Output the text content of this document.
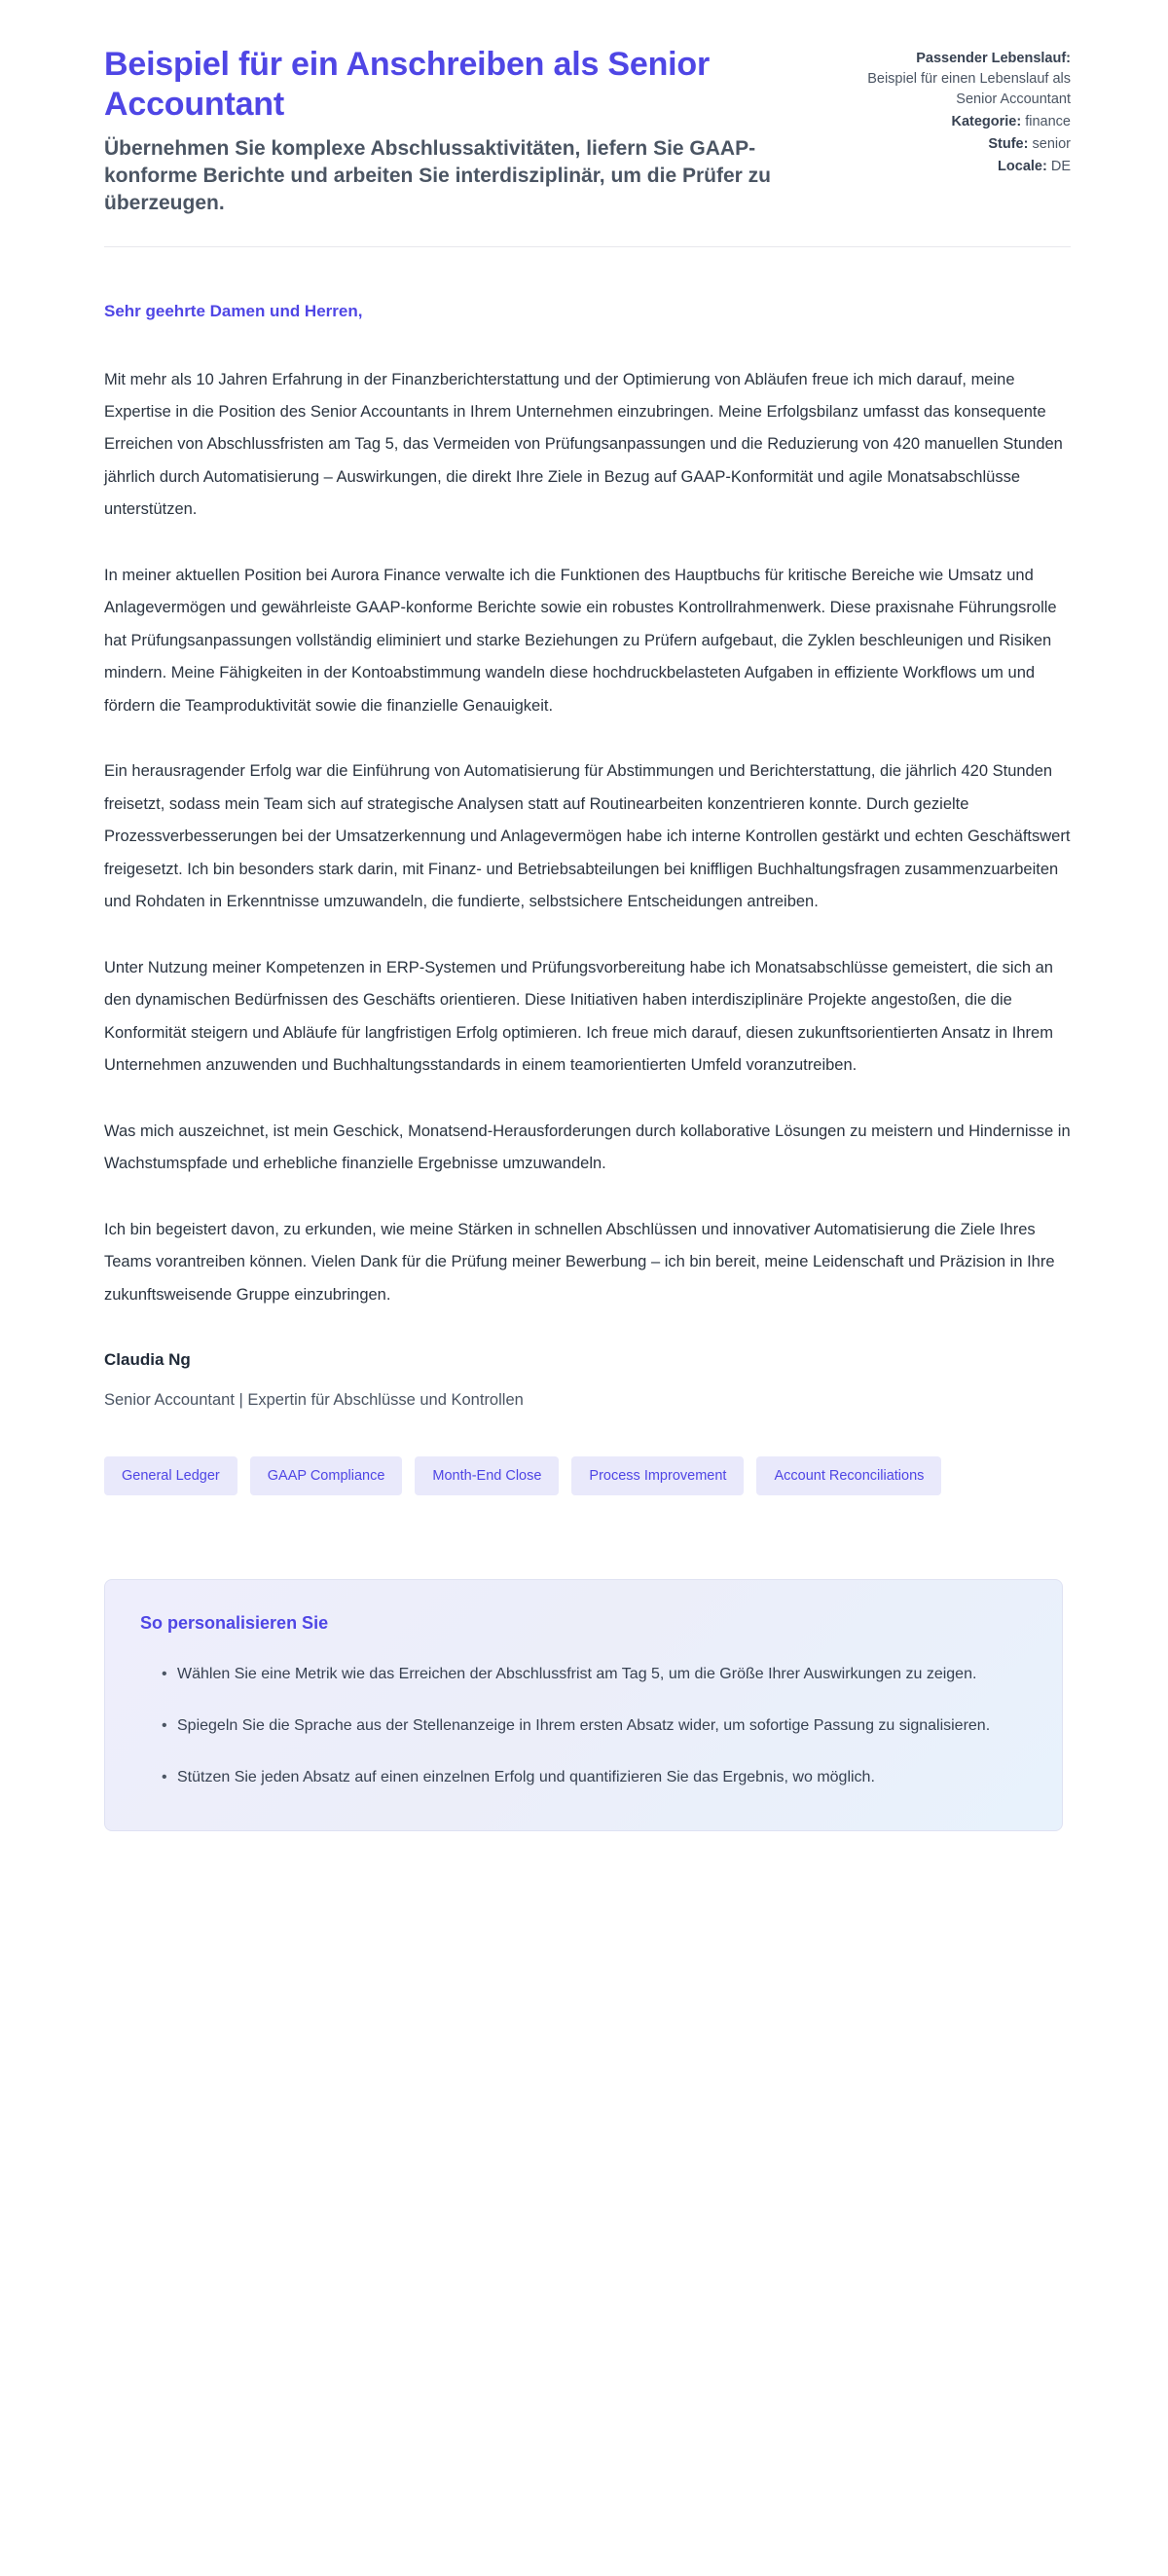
Beispiel für ein Anschreiben als Senior Accountant

Übernehmen Sie komplexe Abschlussaktivitäten, liefern Sie GAAP-konforme Berichte und arbeiten Sie interdisziplinär, um die Prüfer zu überzeugen.

Passender Lebenslauf:
Beispiel für einen Lebenslauf als Senior Accountant
Kategorie: finance
Stufe: senior
Locale: DE

Sehr geehrte Damen und Herren,

Mit mehr als 10 Jahren Erfahrung in der Finanzberichterstattung und der Optimierung von Abläufen freue ich mich darauf, meine Expertise in die Position des Senior Accountants in Ihrem Unternehmen einzubringen. Meine Erfolgsbilanz umfasst das konsequente Erreichen von Abschlussfristen am Tag 5, das Vermeiden von Prüfungsanpassungen und die Reduzierung von 420 manuellen Stunden jährlich durch Automatisierung – Auswirkungen, die direkt Ihre Ziele in Bezug auf GAAP-Konformität und agile Monatsabschlüsse unterstützen.

In meiner aktuellen Position bei Aurora Finance verwalte ich die Funktionen des Hauptbuchs für kritische Bereiche wie Umsatz und Anlagevermögen und gewährleiste GAAP-konforme Berichte sowie ein robustes Kontrollrahmenwerk. Diese praxisnahe Führungsrolle hat Prüfungsanpassungen vollständig eliminiert und starke Beziehungen zu Prüfern aufgebaut, die Zyklen beschleunigen und Risiken mindern. Meine Fähigkeiten in der Kontoabstimmung wandeln diese hochdruckbelasteten Aufgaben in effiziente Workflows um und fördern die Teamproduktivität sowie die finanzielle Genauigkeit.

Ein herausragender Erfolg war die Einführung von Automatisierung für Abstimmungen und Berichterstattung, die jährlich 420 Stunden freisetzt, sodass mein Team sich auf strategische Analysen statt auf Routinearbeiten konzentrieren konnte. Durch gezielte Prozessverbesserungen bei der Umsatzerkennung und Anlagevermögen habe ich interne Kontrollen gestärkt und echten Geschäftswert freigesetzt. Ich bin besonders stark darin, mit Finanz- und Betriebsabteilungen bei kniffligen Buchhaltungsfragen zusammenzuarbeiten und Rohdaten in Erkenntnisse umzuwandeln, die fundierte, selbstsichere Entscheidungen antreiben.

Unter Nutzung meiner Kompetenzen in ERP-Systemen und Prüfungsvorbereitung habe ich Monatsabschlüsse gemeistert, die sich an den dynamischen Bedürfnissen des Geschäfts orientieren. Diese Initiativen haben interdisziplinäre Projekte angestoßen, die die Konformität steigern und Abläufe für langfristigen Erfolg optimieren. Ich freue mich darauf, diesen zukunftsorientierten Ansatz in Ihrem Unternehmen anzuwenden und Buchhaltungsstandards in einem teamorientierten Umfeld voranzutreiben.

Was mich auszeichnet, ist mein Geschick, Monatsend-Herausforderungen durch kollaborative Lösungen zu meistern und Hindernisse in Wachstumspfade und erhebliche finanzielle Ergebnisse umzuwandeln.

Ich bin begeistert davon, zu erkunden, wie meine Stärken in schnellen Abschlüssen und innovativer Automatisierung die Ziele Ihres Teams vorantreiben können. Vielen Dank für die Prüfung meiner Bewerbung – ich bin bereit, meine Leidenschaft und Präzision in Ihre zukunftsweisende Gruppe einzubringen.

Claudia Ng

Senior Accountant | Expertin für Abschlüsse und Kontrollen

General Ledger	GAAP Compliance	Month-End Close	Process Improvement	Account Reconciliations
So personalisieren Sie
• Wählen Sie eine Metrik wie das Erreichen der Abschlussfrist am Tag 5, um die Größe Ihrer Auswirkungen zu zeigen.
• Spiegeln Sie die Sprache aus der Stellenanzeige in Ihrem ersten Absatz wider, um sofortige Passung zu signalisieren.
• Stützen Sie jeden Absatz auf einen einzelnen Erfolg und quantifizieren Sie das Ergebnis, wo möglich.
